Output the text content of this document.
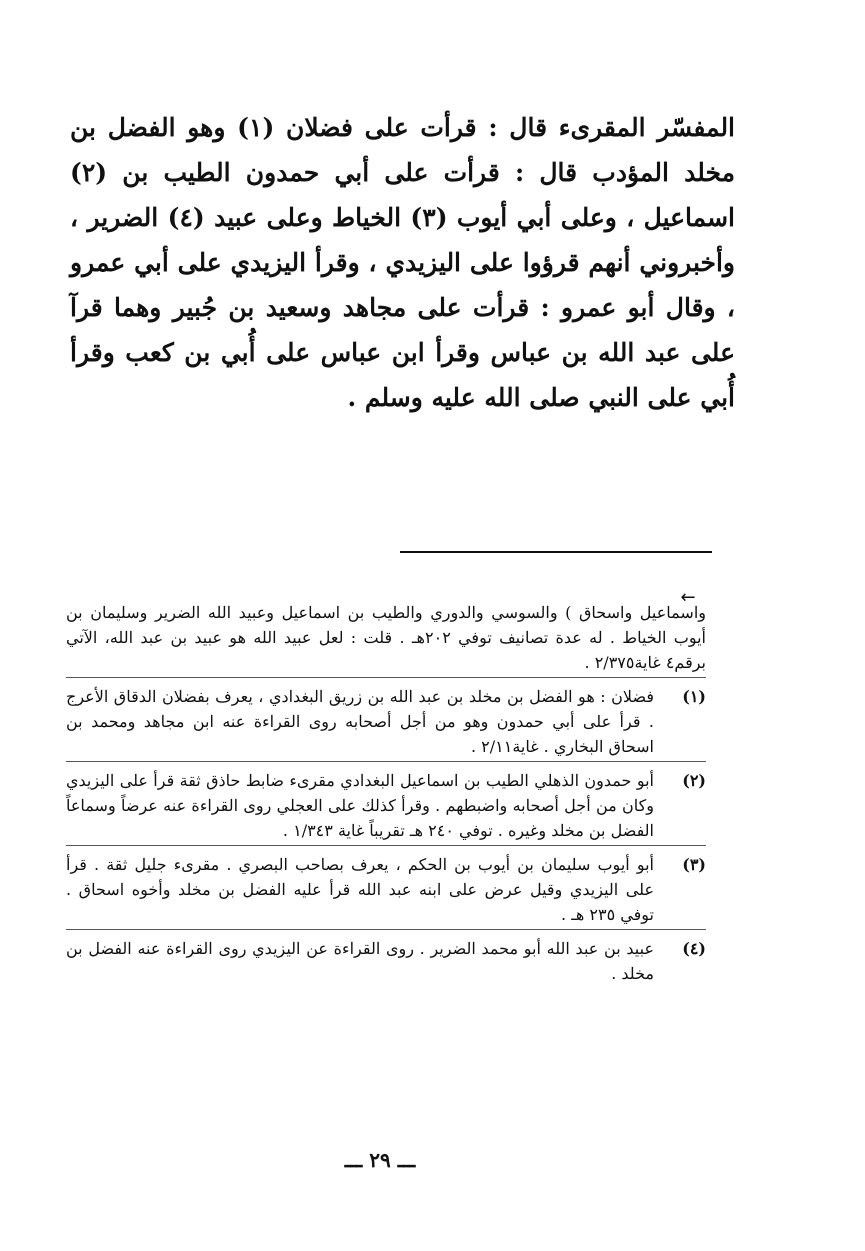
المفسّر المقرىء قال : قرأت على فضلان (١) وهو الفضل بن مخلد المؤدب قال : قرأت على أبي حمدون الطيب بن (٢) اسماعيل ، وعلى أبي أيوب (٣) الخياط وعلى عبيد (٤) الضرير ، وأخبروني أنهم قرؤوا على اليزيدي ، وقرأ اليزيدي على أبي عمرو ، وقال أبو عمرو : قرأت على مجاهد وسعيد بن جُبير وهما قرآ على عبد الله بن عباس وقرأ ابن عباس على أُبي بن كعب وقرأ أُبي على النبي صلى الله عليه وسلم .
←
واسماعيل واسحاق ) والسوسي والدوري والطيب بن اسماعيل وعبيد الله الضرير وسليمان بن أيوب الخياط . له عدة تصانيف توفي ٢٠٢هـ . قلت : لعل عبيد الله هو عبيد بن عبد الله، الآتي برقم٤ غاية٢/٣٧٥ .
(١)
فضلان : هو الفضل بن مخلد بن عبد الله بن زريق البغدادي ، يعرف بفضلان الدقاق الأعرج . قرأ على أبي حمدون وهو من أجل أصحابه روى القراءة عنه ابن مجاهد ومحمد بن اسحاق البخاري . غاية٢/١١ .
(٢)
أبو حمدون الذهلي الطيب بن اسماعيل البغدادي مقرىء ضابط حاذق ثقة قرأ على اليزيدي وكان من أجل أصحابه واضبطهم . وقرأ كذلك على العجلي روى القراءة عنه عرضاً وسماعاً الفضل بن مخلد وغيره . توفي ٢٤٠ هـ تقريباً غاية ١/٣٤٣ .
(٣)
أبو أيوب سليمان بن أيوب بن الحكم ، يعرف بصاحب البصري . مقرىء جليل ثقة . قرأ على اليزيدي وقيل عرض على ابنه عبد الله قرأ عليه الفضل بن مخلد وأخوه اسحاق . توفي ٢٣٥ هـ .
(٤)
عبيد بن عبد الله أبو محمد الضرير . روى القراءة عن اليزيدي روى القراءة عنه الفضل بن مخلد .
ـــ ٢٩ ـــ
